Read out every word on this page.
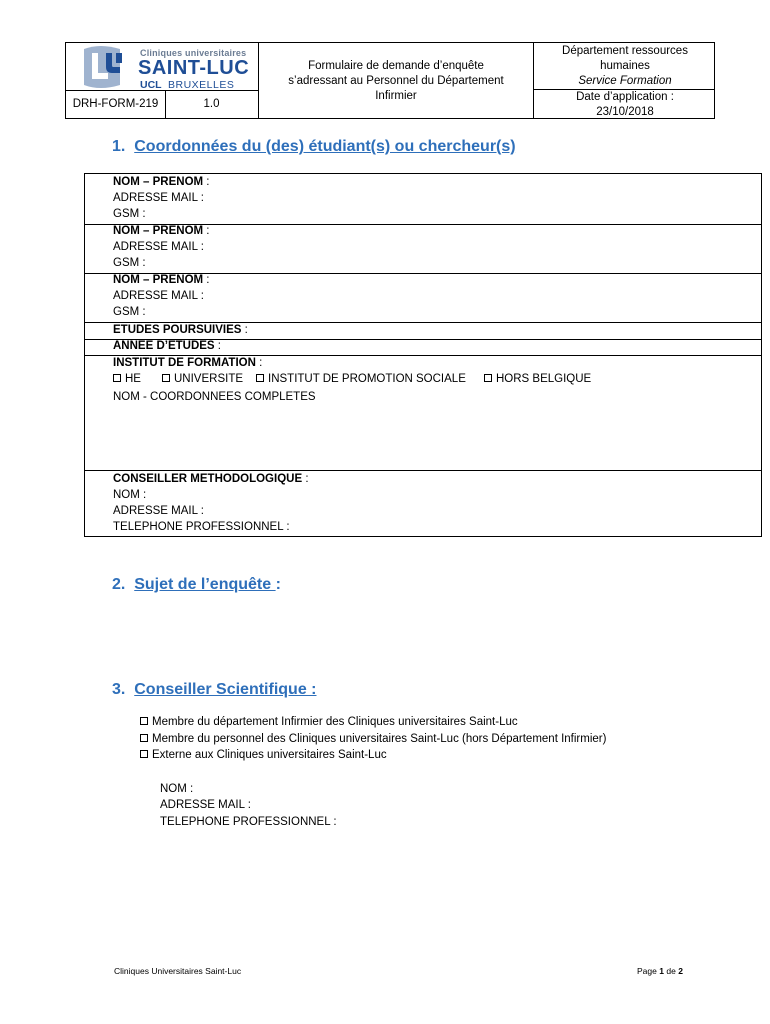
Cliniques universitaires
SAINT-LUC
UCL BRUXELLES
DRH-FORM-219	1.0
Formulaire de demande d’enquête
s’adressant au Personnel du Département
Infirmier
Département ressources
humaines
Service Formation
Date d’application :
23/10/2018
1. Coordonnées du (des) étudiant(s) ou chercheur(s)
NOM – PRENOM :
ADRESSE MAIL :
GSM :
NOM – PRENOM :
ADRESSE MAIL :
GSM :
NOM – PRENOM :
ADRESSE MAIL :
GSM :
ETUDES POURSUIVIES :
ANNEE D’ETUDES :
INSTITUT DE FORMATION :
HE	UNIVERSITE	INSTITUT DE PROMOTION SOCIALE	HORS BELGIQUE
NOM - COORDONNEES COMPLETES
CONSEILLER METHODOLOGIQUE :
NOM :
ADRESSE MAIL :
TELEPHONE PROFESSIONNEL :
2. Sujet de l’enquête :
3. Conseiller Scientifique :
Membre du département Infirmier des Cliniques universitaires Saint-Luc
Membre du personnel des Cliniques universitaires Saint-Luc (hors Département Infirmier)
Externe aux Cliniques universitaires Saint-Luc
NOM :
ADRESSE MAIL :
TELEPHONE PROFESSIONNEL :
Cliniques Universitaires Saint-Luc	Page 1 de 2
